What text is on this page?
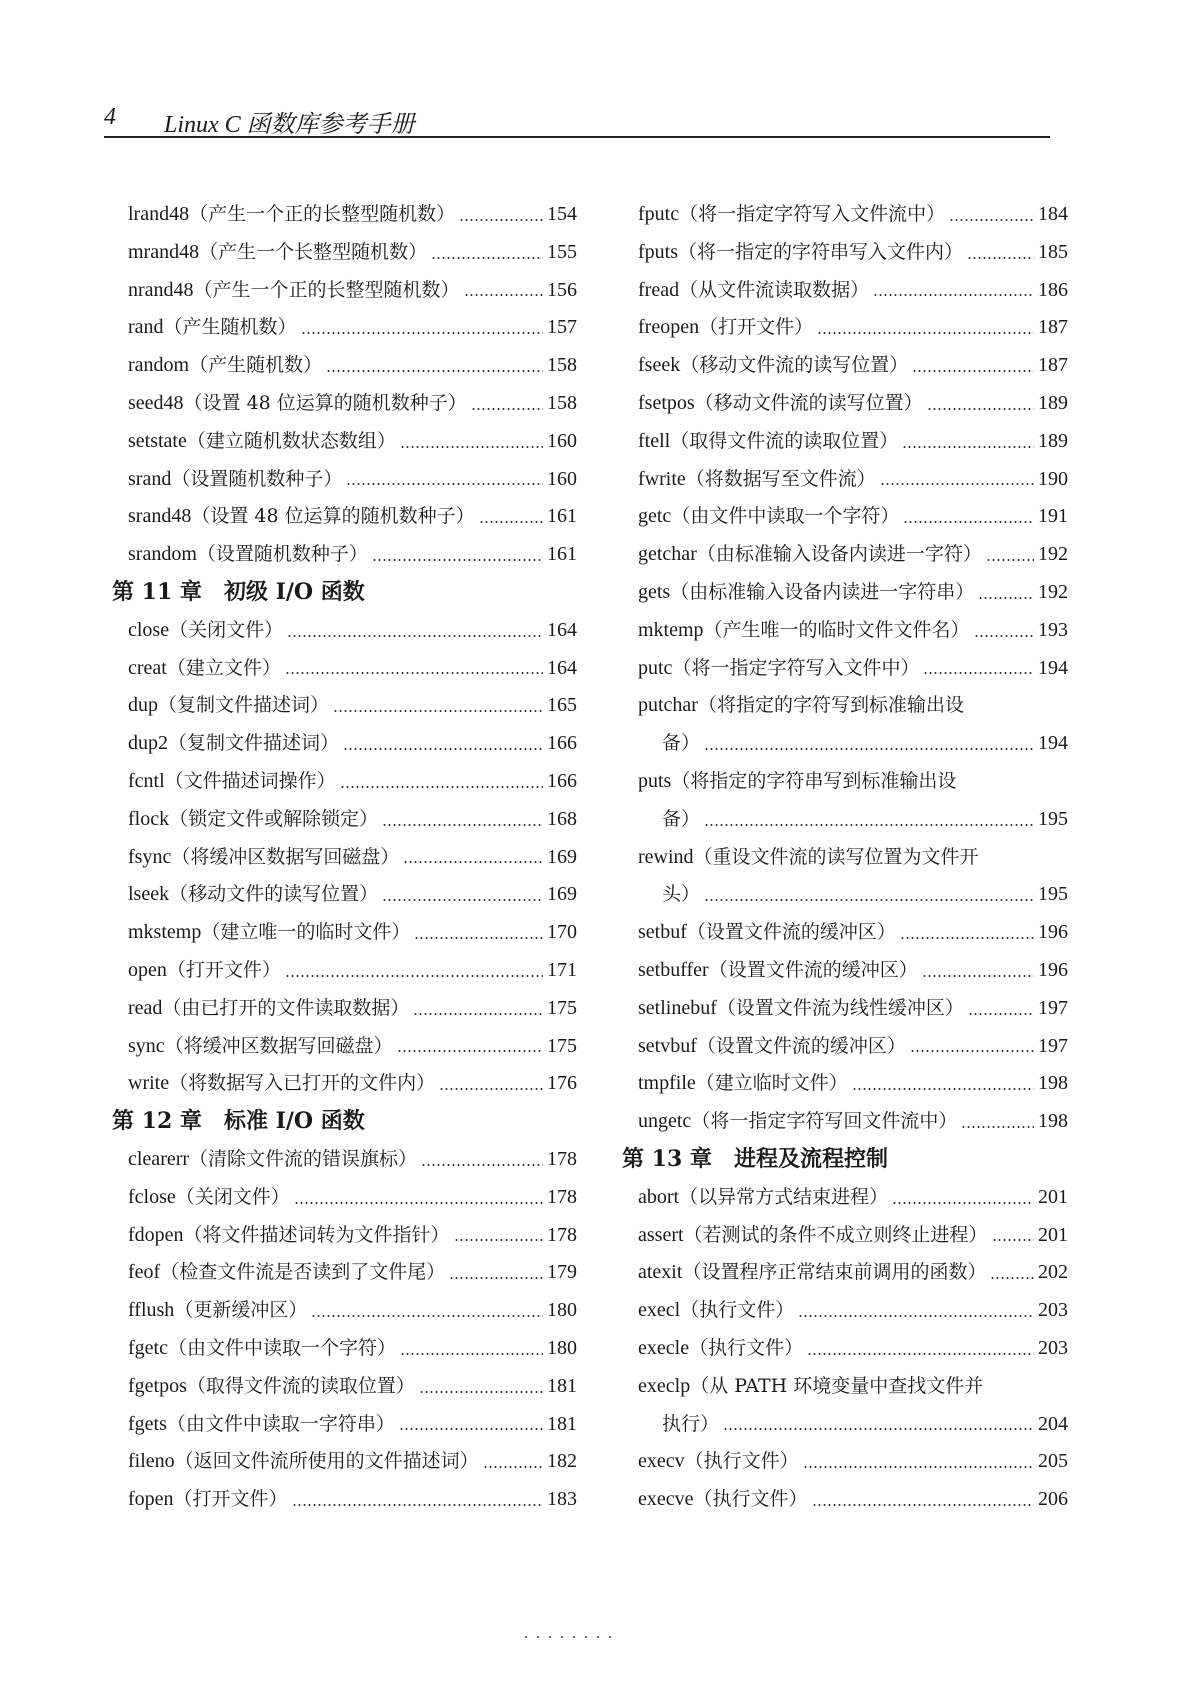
4 Linux C 函数库参考手册
lrand48（产生一个正的长整型随机数）	154
mrand48（产生一个长整型随机数）	155
nrand48（产生一个正的长整型随机数）	156
rand（产生随机数）	157
random（产生随机数）	158
seed48（设置 48 位运算的随机数种子）	158
setstate（建立随机数状态数组）	160
srand（设置随机数种子）	160
srand48（设置 48 位运算的随机数种子）	161
srandom（设置随机数种子）	161
第 11 章 初级 I/O 函数
close（关闭文件）	164
creat（建立文件）	164
dup（复制文件描述词）	165
dup2（复制文件描述词）	166
fcntl（文件描述词操作）	166
flock（锁定文件或解除锁定）	168
fsync（将缓冲区数据写回磁盘）	169
lseek（移动文件的读写位置）	169
mkstemp（建立唯一的临时文件）	170
open（打开文件）	171
read（由已打开的文件读取数据）	175
sync（将缓冲区数据写回磁盘）	175
write（将数据写入已打开的文件内）	176
第 12 章 标准 I/O 函数
clearerr（清除文件流的错误旗标）	178
fclose（关闭文件）	178
fdopen（将文件描述词转为文件指针）	178
feof（检查文件流是否读到了文件尾）	179
fflush（更新缓冲区）	180
fgetc（由文件中读取一个字符）	180
fgetpos（取得文件流的读取位置）	181
fgets（由文件中读取一字符串）	181
fileno（返回文件流所使用的文件描述词）	182
fopen（打开文件）	183
fputc（将一指定字符写入文件流中）	184
fputs（将一指定的字符串写入文件内）	185
fread（从文件流读取数据）	186
freopen（打开文件）	187
fseek（移动文件流的读写位置）	187
fsetpos（移动文件流的读写位置）	189
ftell（取得文件流的读取位置）	189
fwrite（将数据写至文件流）	190
getc（由文件中读取一个字符）	191
getchar（由标准输入设备内读进一字符）	192
gets（由标准输入设备内读进一字符串）	192
mktemp（产生唯一的临时文件文件名）	193
putc（将一指定字符写入文件中）	194
putchar（将指定的字符写到标准输出设
备）	194
puts（将指定的字符串写到标准输出设
备）	195
rewind（重设文件流的读写位置为文件开
头）	195
setbuf（设置文件流的缓冲区）	196
setbuffer（设置文件流的缓冲区）	196
setlinebuf（设置文件流为线性缓冲区）	197
setvbuf（设置文件流的缓冲区）	197
tmpfile（建立临时文件）	198
ungetc（将一指定字符写回文件流中）	198
第 13 章 进程及流程控制
abort（以异常方式结束进程）	201
assert（若测试的条件不成立则终止进程）	201
atexit（设置程序正常结束前调用的函数）	202
execl（执行文件）	203
execle（执行文件）	203
execlp（从 PATH 环境变量中查找文件并
执行）	204
execv（执行文件）	205
execve（执行文件）	206
